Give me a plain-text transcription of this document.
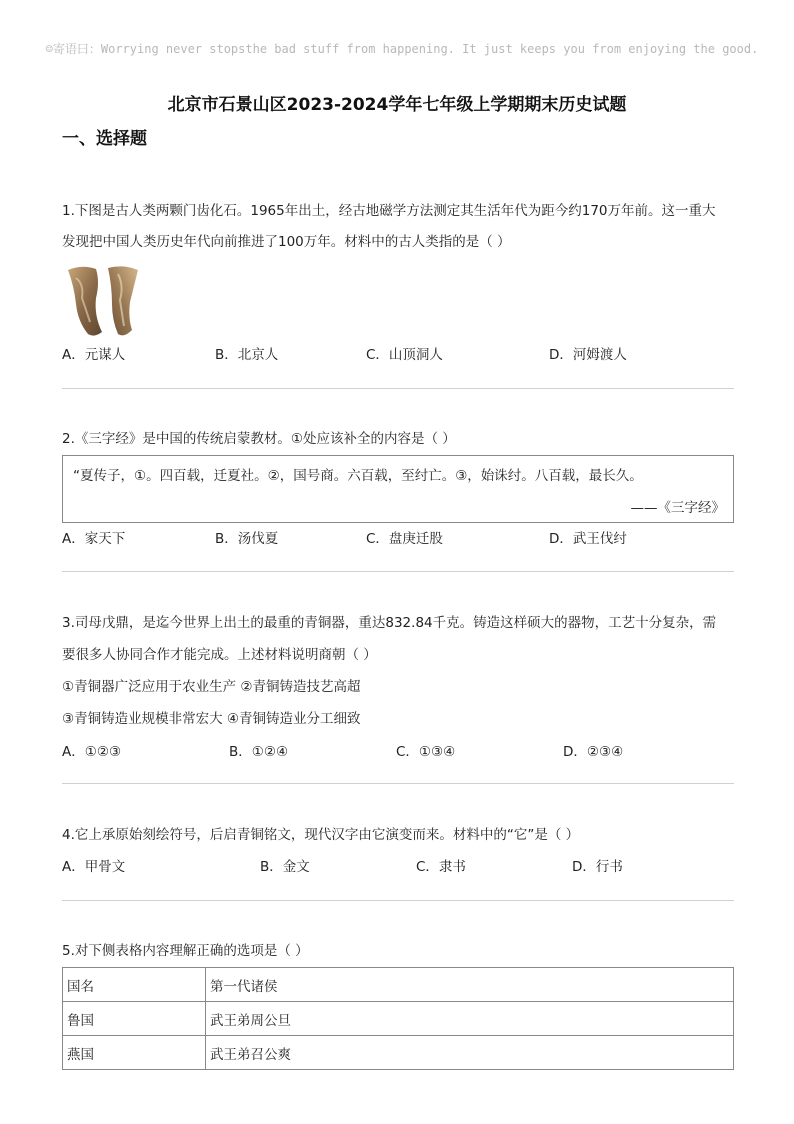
☺寄语曰：Worrying never stopsthe bad stuff from happening. It just keeps you from enjoying the good.
北京市石景山区2023-2024学年七年级上学期期末历史试题
一、选择题
1.下图是古人类两颗门齿化石。1965年出土，经古地磁学方法测定其生活年代为距今约170万年前。这一重大
发现把中国人类历史年代向前推进了100万年。材料中的古人类指的是（ ）
A．元谋人	B．北京人	C．山顶洞人	D．河姆渡人
2.《三字经》是中国的传统启蒙教材。①处应该补全的内容是（ ）
“夏传子，①。四百载，迁夏社。②，国号商。六百载，至纣亡。③，始诛纣。八百载，最长久。
——《三字经》
A．家天下	B．汤伐夏	C．盘庚迁股	D．武王伐纣
3.司母戊鼎，是迄今世界上出土的最重的青铜器，重达832.84千克。铸造这样硕大的器物，工艺十分复杂，需
要很多人协同合作才能完成。上述材料说明商朝（ ）
①青铜器广泛应用于农业生产 ②青铜铸造技艺高超
③青铜铸造业规模非常宏大 ④青铜铸造业分工细致
A．①②③	B．①②④	C．①③④	D．②③④
4.它上承原始刻绘符号，后启青铜铭文，现代汉字由它演变而来。材料中的“它”是（ ）
A．甲骨文	B．金文	C．隶书	D．行书
5.对下侧表格内容理解正确的选项是（ ）
国名	第一代诸侯
鲁国	武王弟周公旦
燕国	武王弟召公爽
